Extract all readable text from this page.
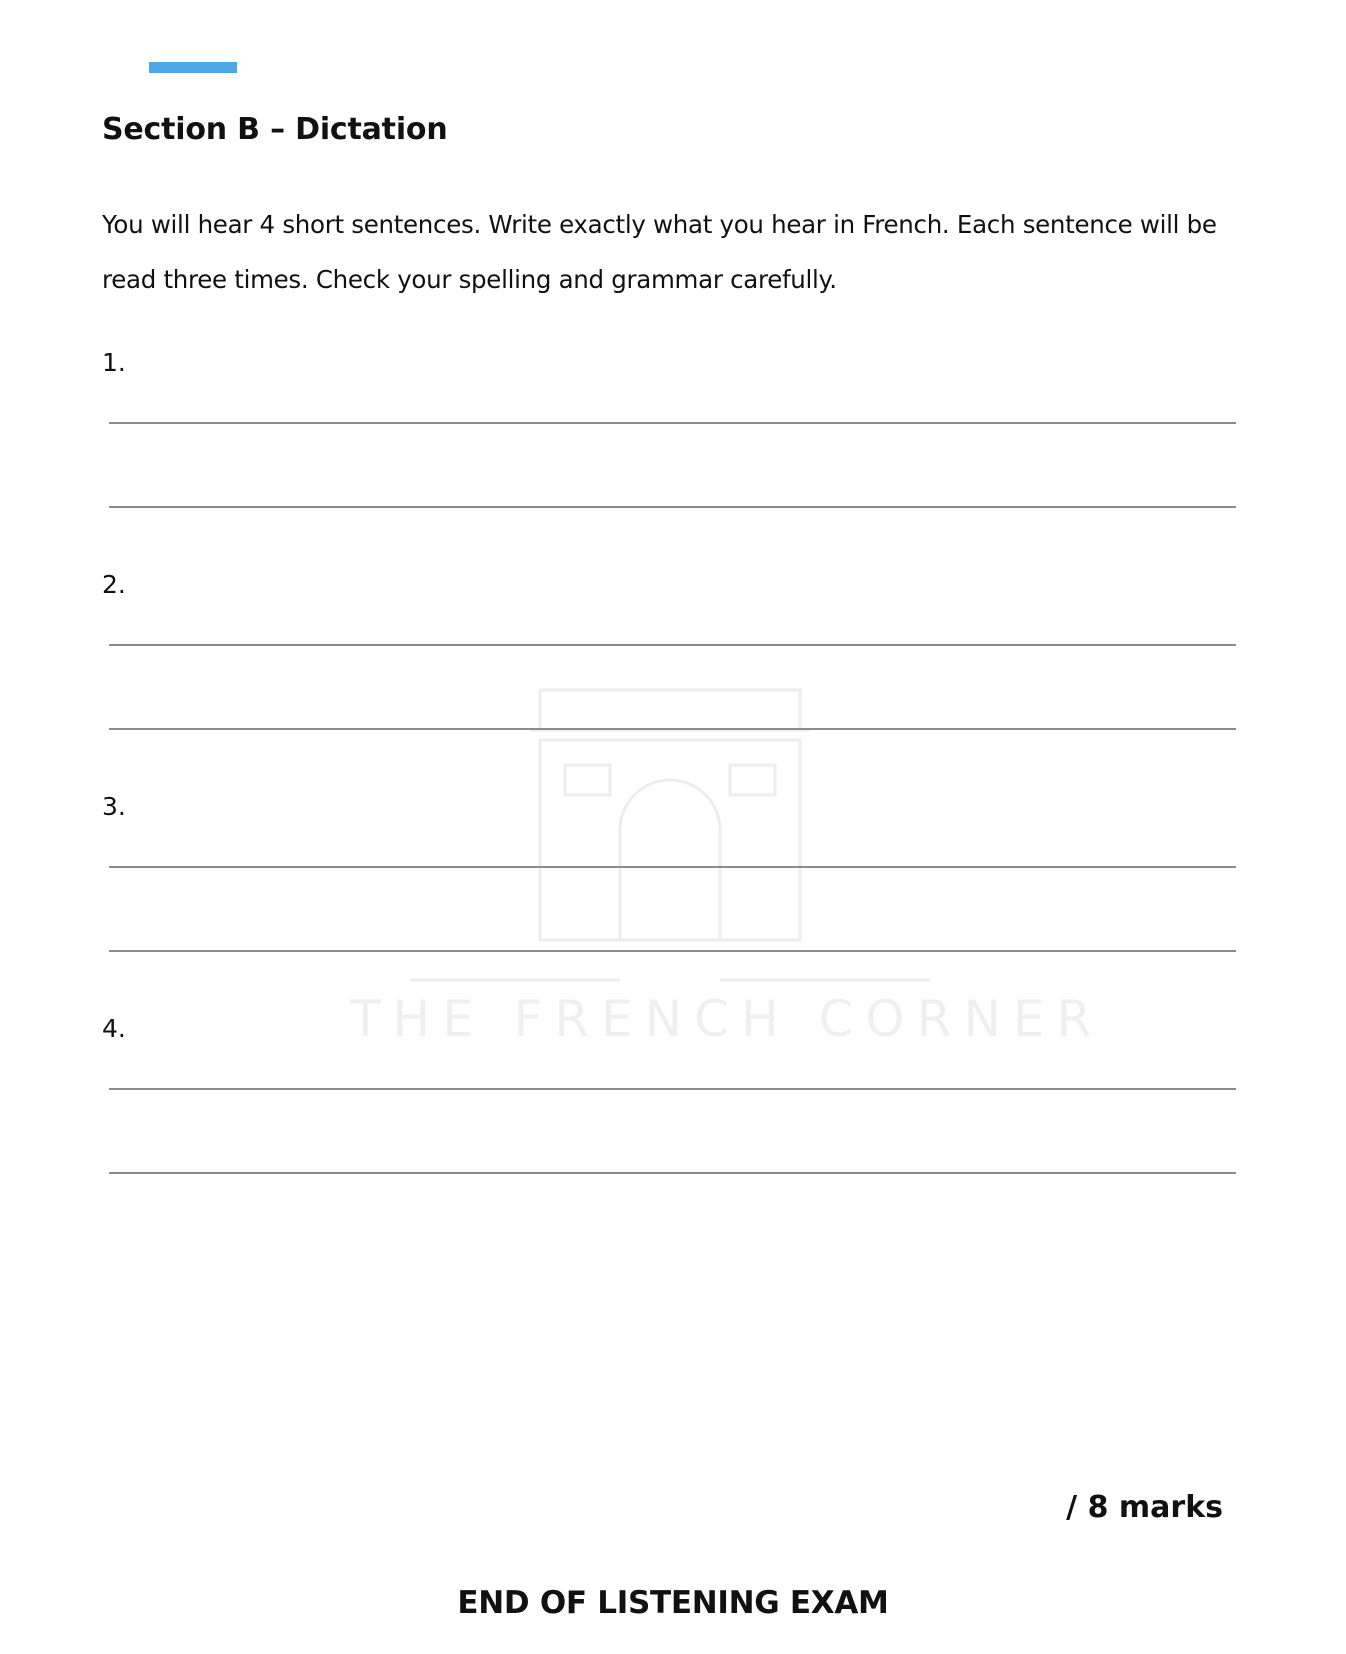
Section B – Dictation

You will hear 4 short sentences. Write exactly what you hear in French. Each sentence will be read three times. Check your spelling and grammar carefully.

THE FRENCH CORNER
1.
2.
3.
4.

/ 8 marks

END OF LISTENING EXAM
